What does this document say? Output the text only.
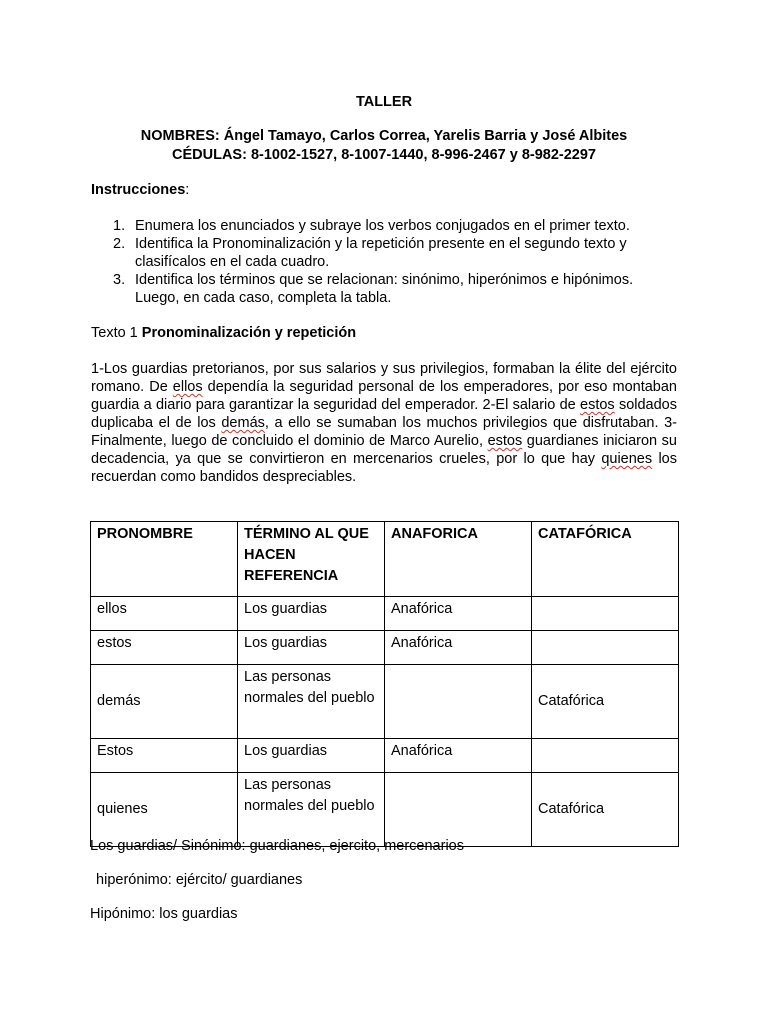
TALLER
NOMBRES: Ángel Tamayo, Carlos Correa, Yarelis Barria y José Albites
CÉDULAS: 8-1002-1527, 8-1007-1440, 8-996-2467 y 8-982-2297
Instrucciones:
1. Enumera los enunciados y subraye los verbos conjugados en el primer texto.
2. Identifica la Pronominalización y la repetición presente en el segundo texto y clasifícalos en el cada cuadro.
3. Identifica los términos que se relacionan: sinónimo, hiperónimos e hipónimos. Luego, en cada caso, completa la tabla.
Texto 1 Pronominalización y repetición
1-Los guardias pretorianos, por sus salarios y sus privilegios, formaban la élite del ejército romano. De ellos dependía la seguridad personal de los emperadores, por eso montaban guardia a diario para garantizar la seguridad del emperador. 2-El salario de estos soldados duplicaba el de los demás, a ello se sumaban los muchos privilegios que disfrutaban. 3-Finalmente, luego de concluido el dominio de Marco Aurelio, estos guardianes iniciaron su decadencia, ya que se convirtieron en mercenarios crueles, por lo que hay quienes los recuerdan como bandidos despreciables.
PRONOMBRE	TÉRMINO AL QUE HACEN REFERENCIA	ANAFORICA	CATAFÓRICA
ellos	Los guardias	Anafórica	
estos	Los guardias	Anafórica	
demás	Las personas normales del pueblo		Catafórica
Estos	Los guardias	Anafórica	
quienes	Las personas normales del pueblo		Catafórica
Los guardias/ Sinónimo: guardianes, ejercito, mercenarios
hiperónimo: ejército/ guardianes
Hipónimo: los guardias
